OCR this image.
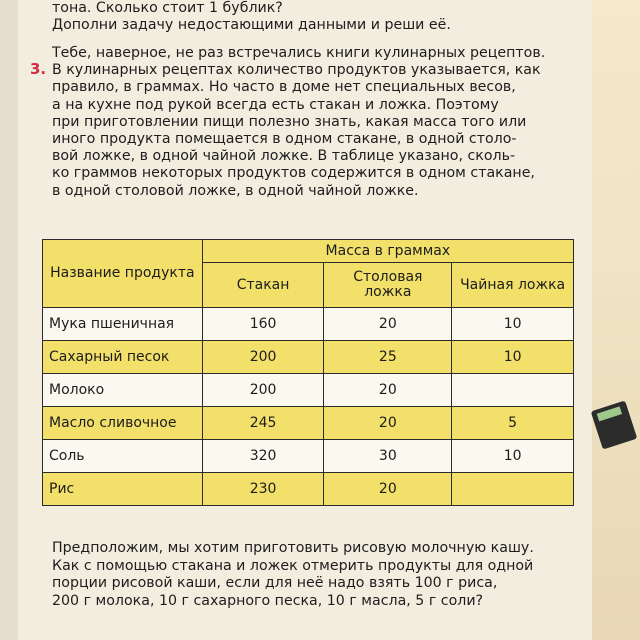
тона. Сколько стоит 1 бублик?
Дополни задачу недостающими данными и реши её.
3.
Тебе, наверное, не раз встречались книги кулинарных рецептов.
В кулинарных рецептах количество продуктов указывается, как
правило, в граммах. Но часто в доме нет специальных весов,
а на кухне под рукой всегда есть стакан и ложка. Поэтому
при приготовлении пищи полезно знать, какая масса того или
иного продукта помещается в одном стакане, в одной столо-
вой ложке, в одной чайной ложке. В таблице указано, сколь-
ко граммов некоторых продуктов содержится в одном стакане,
в одной столовой ложке, в одной чайной ложке.
Название продукта	Масса в граммах		
	Стакан	Столовая ложка	Чайная ложка
Мука пшеничная	160	20	10
Сахарный песок	200	25	10
Молоко	200	20	
Масло сливочное	245	20	5
Соль	320	30	10
Рис	230	20	
Предположим, мы хотим приготовить рисовую молочную кашу.
Как с помощью стакана и ложек отмерить продукты для одной
порции рисовой каши, если для неё надо взять 100 г риса,
200 г молока, 10 г сахарного песка, 10 г масла, 5 г соли?
